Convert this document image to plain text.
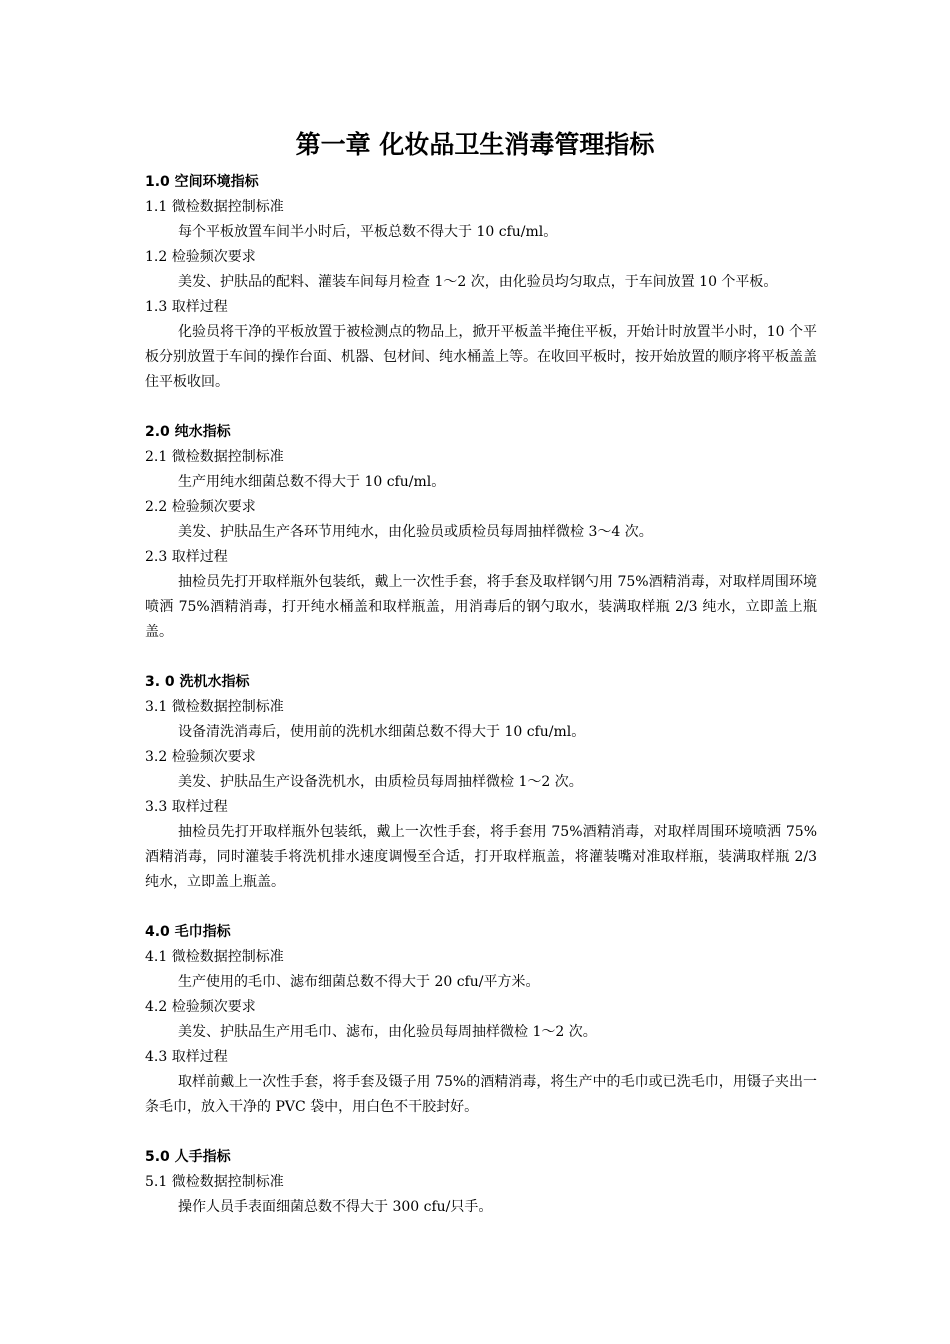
第一章 化妆品卫生消毒管理指标
1.0 空间环境指标
1.1 微检数据控制标准

每个平板放置车间半小时后，平板总数不得大于 10 cfu/ml。

1.2 检验频次要求

美发、护肤品的配料、灌装车间每月检查 1～2 次，由化验员均匀取点，于车间放置 10 个平板。

1.3 取样过程

化验员将干净的平板放置于被检测点的物品上，掀开平板盖半掩住平板，开始计时放置半小时，10 个平板分别放置于车间的操作台面、机器、包材间、纯水桶盖上等。在收回平板时，按开始放置的顺序将平板盖盖住平板收回。

2.0 纯水指标
2.1 微检数据控制标准

生产用纯水细菌总数不得大于 10 cfu/ml。

2.2 检验频次要求

美发、护肤品生产各环节用纯水，由化验员或质检员每周抽样微检 3～4 次。

2.3 取样过程

抽检员先打开取样瓶外包装纸，戴上一次性手套，将手套及取样钢勺用 75%酒精消毒，对取样周围环境喷洒 75%酒精消毒，打开纯水桶盖和取样瓶盖，用消毒后的钢勺取水，装满取样瓶 2/3 纯水，立即盖上瓶盖。

3. 0 洗机水指标
3.1 微检数据控制标准

设备清洗消毒后，使用前的洗机水细菌总数不得大于 10 cfu/ml。

3.2 检验频次要求

美发、护肤品生产设备洗机水，由质检员每周抽样微检 1～2 次。

3.3 取样过程

抽检员先打开取样瓶外包装纸，戴上一次性手套，将手套用 75%酒精消毒，对取样周围环境喷洒 75%酒精消毒，同时灌装手将洗机排水速度调慢至合适，打开取样瓶盖，将灌装嘴对准取样瓶，装满取样瓶 2/3 纯水，立即盖上瓶盖。

4.0 毛巾指标
4.1 微检数据控制标准

生产使用的毛巾、滤布细菌总数不得大于 20 cfu/平方米。

4.2 检验频次要求

美发、护肤品生产用毛巾、滤布，由化验员每周抽样微检 1～2 次。

4.3 取样过程

取样前戴上一次性手套，将手套及镊子用 75%的酒精消毒，将生产中的毛巾或已洗毛巾，用镊子夹出一条毛巾，放入干净的 PVC 袋中，用白色不干胶封好。

5.0 人手指标
5.1 微检数据控制标准

操作人员手表面细菌总数不得大于 300 cfu/只手。
